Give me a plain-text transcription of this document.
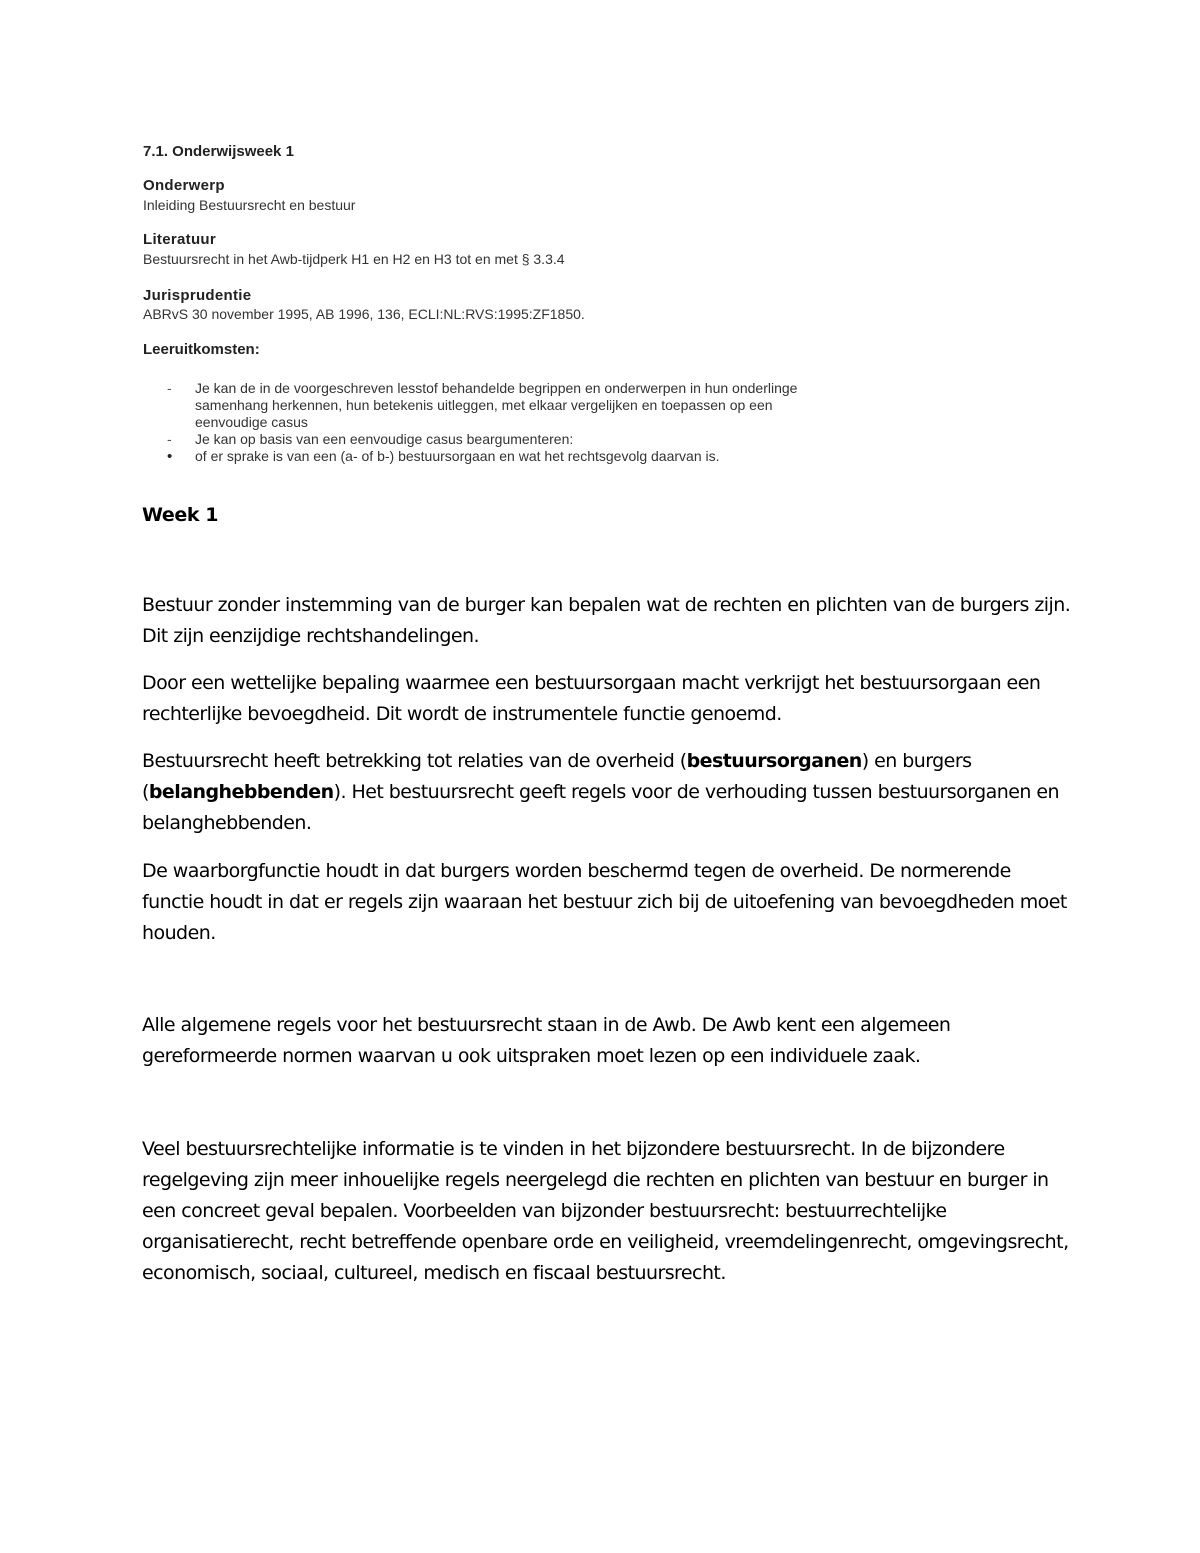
7.1. Onderwijsweek 1
Onderwerp
Inleiding Bestuursrecht en bestuur
Literatuur
Bestuursrecht in het Awb-tijdperk H1 en H2 en H3 tot en met § 3.3.4
Jurisprudentie
ABRvS 30 november 1995, AB 1996, 136, ECLI:NL:RVS:1995:ZF1850.
Leeruitkomsten:
-	Je kan de in de voorgeschreven lesstof behandelde begrippen en onderwerpen in hun onderlinge samenhang herkennen, hun betekenis uitleggen, met elkaar vergelijken en toepassen op een eenvoudige casus
-	Je kan op basis van een eenvoudige casus beargumenteren:
•	of er sprake is van een (a- of b-) bestuursorgaan en wat het rechtsgevolg daarvan is.
Week 1

Bestuur zonder instemming van de burger kan bepalen wat de rechten en plichten van de burgers zijn. Dit zijn eenzijdige rechtshandelingen.

Door een wettelijke bepaling waarmee een bestuursorgaan macht verkrijgt het bestuursorgaan een rechterlijke bevoegdheid. Dit wordt de instrumentele functie genoemd.

Bestuursrecht heeft betrekking tot relaties van de overheid (bestuursorganen) en burgers (belanghebbenden). Het bestuursrecht geeft regels voor de verhouding tussen bestuursorganen en belanghebbenden.

De waarborgfunctie houdt in dat burgers worden beschermd tegen de overheid. De normerende functie houdt in dat er regels zijn waaraan het bestuur zich bij de uitoefening van bevoegdheden moet houden.

Alle algemene regels voor het bestuursrecht staan in de Awb. De Awb kent een algemeen gereformeerde normen waarvan u ook uitspraken moet lezen op een individuele zaak.

Veel bestuursrechtelijke informatie is te vinden in het bijzondere bestuursrecht. In de bijzondere regelgeving zijn meer inhouelijke regels neergelegd die rechten en plichten van bestuur en burger in een concreet geval bepalen. Voorbeelden van bijzonder bestuursrecht: bestuurrechtelijke organisatierecht, recht betreffende openbare orde en veiligheid, vreemdelingenrecht, omgevingsrecht, economisch, sociaal, cultureel, medisch en fiscaal bestuursrecht.
